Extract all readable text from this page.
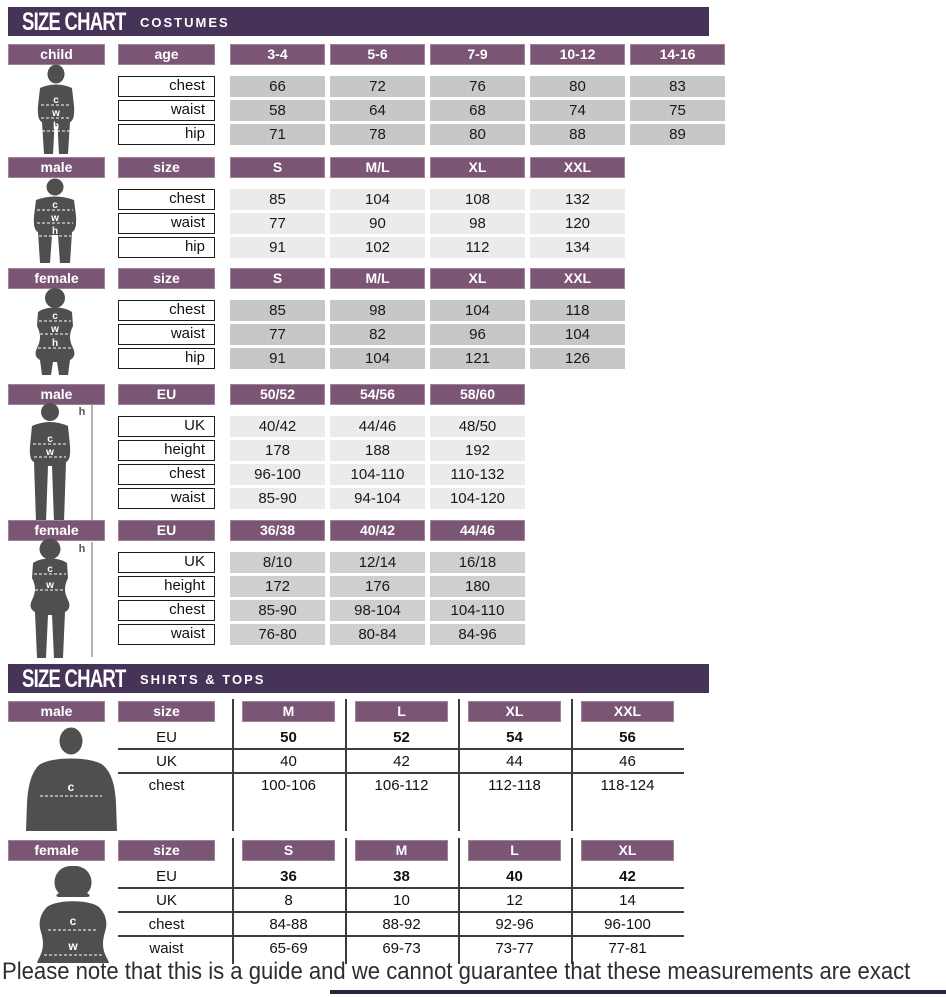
SIZE CHART COSTUMES
child	age	3-4	5-6	7-9	10-12	14-16
chest	66	72	76	80	83
waist	58	64	68	74	75
hip	71	78	80	88	89
c
w
h
male	size	S	M/L	XL	XXL
chest	85	104	108	132
waist	77	90	98	120
hip	91	102	112	134
c
w
h
female	size	S	M/L	XL	XXL
chest	85	98	104	118
waist	77	82	96	104
hip	91	104	121	126
c
w
h
male	EU	50/52	54/56	58/60
UK	40/42	44/46	48/50
height	178	188	192
chest	96-100	104-110	110-132
waist	85-90	94-104	104-120
h
c
w
female	EU	36/38	40/42	44/46
UK	8/10	12/14	16/18
height	172	176	180
chest	85-90	98-104	104-110
waist	76-80	80-84	84-96
h
c
w
SIZE CHART SHIRTS & TOPS
male	size	M	L	XL	XXL
EU	50	52	54	56
UK	40	42	44	46
chest	100-106	106-112	112-118	118-124
c
female	size	S	M	L	XL
EU	36	38	40	42
UK	8	10	12	14
chest	84-88	88-92	92-96	96-100
waist	65-69	69-73	73-77	77-81
c
w
Please note that this is a guide and we cannot guarantee that these measurements are exact
